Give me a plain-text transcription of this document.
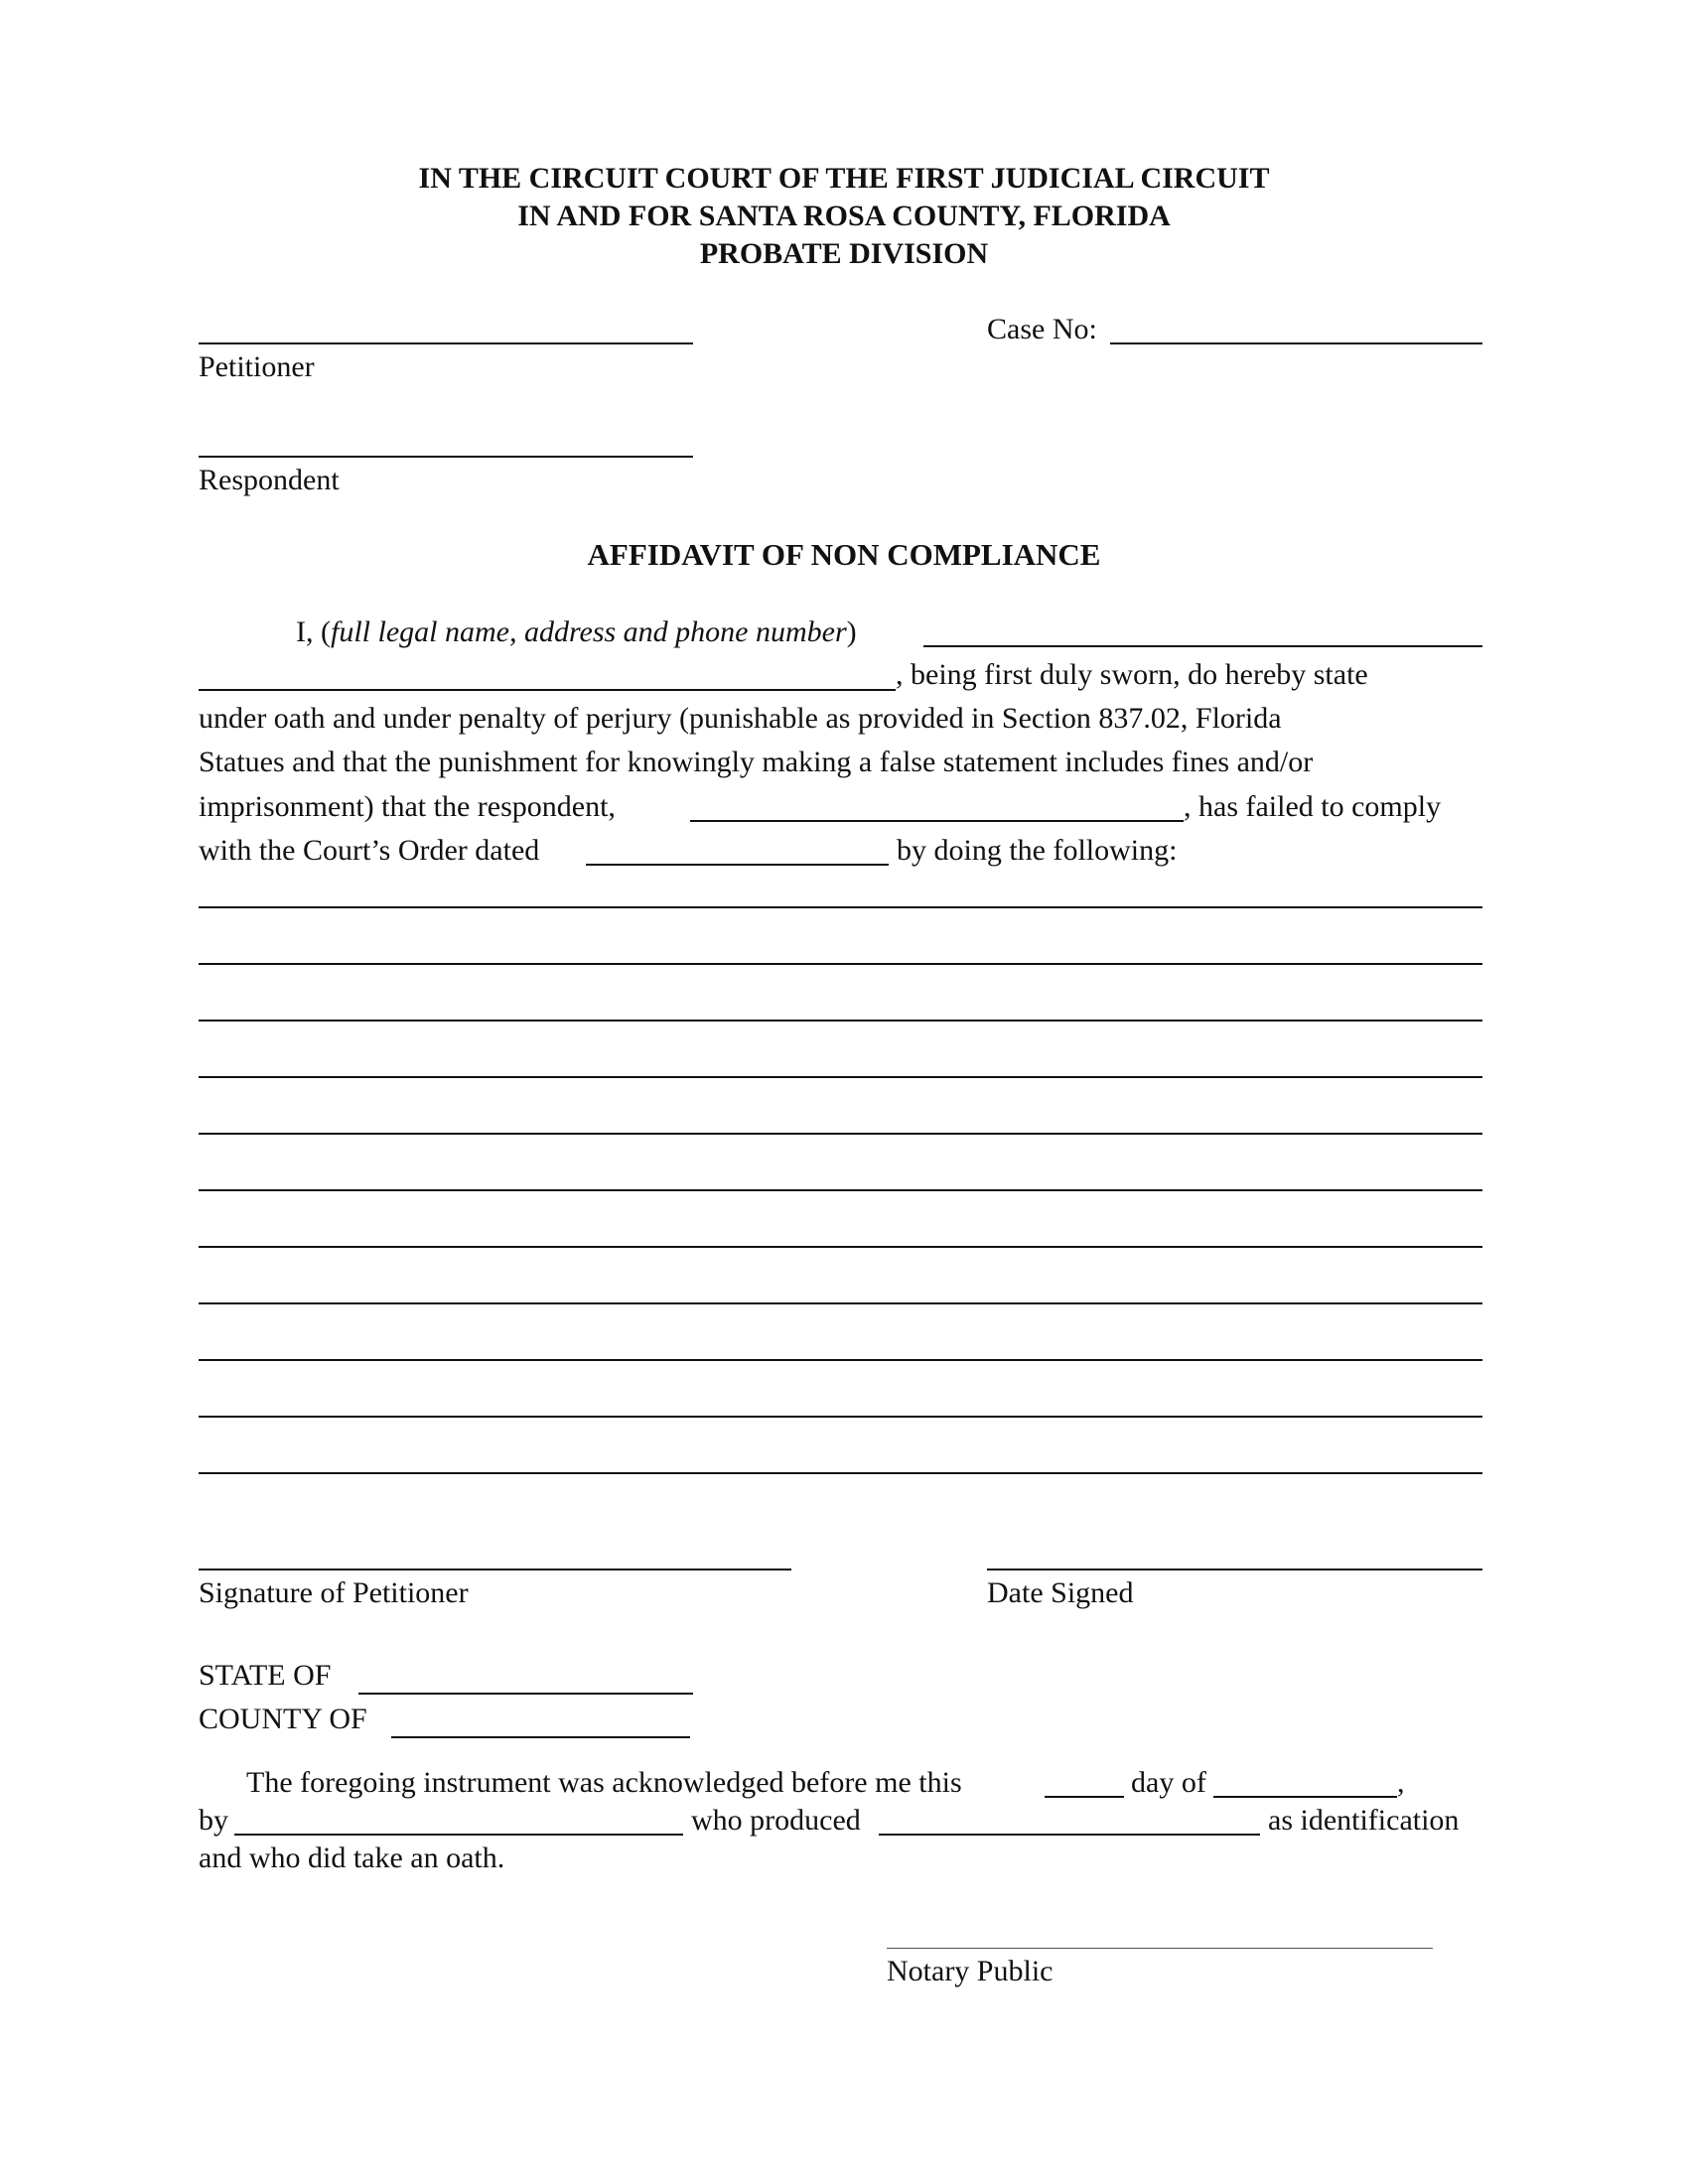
IN THE CIRCUIT COURT OF THE FIRST JUDICIAL CIRCUIT
IN AND FOR SANTA ROSA COUNTY, FLORIDA
PROBATE DIVISION
Petitioner
Case No:
Respondent
AFFIDAVIT OF NON COMPLIANCE
I, (full legal name, address and phone number)
, being first duly sworn, do hereby state
under oath and under penalty of perjury (punishable as provided in Section 837.02, Florida
Statues and that the punishment for knowingly making a false statement includes fines and/or
imprisonment) that the respondent,	, has failed to comply
with the Court’s Order dated	by doing the following:
Signature of Petitioner	Date Signed
STATE OF
COUNTY OF
The foregoing instrument was acknowledged before me this	day of	,
by	who produced	as identification
and who did take an oath.
Notary Public
